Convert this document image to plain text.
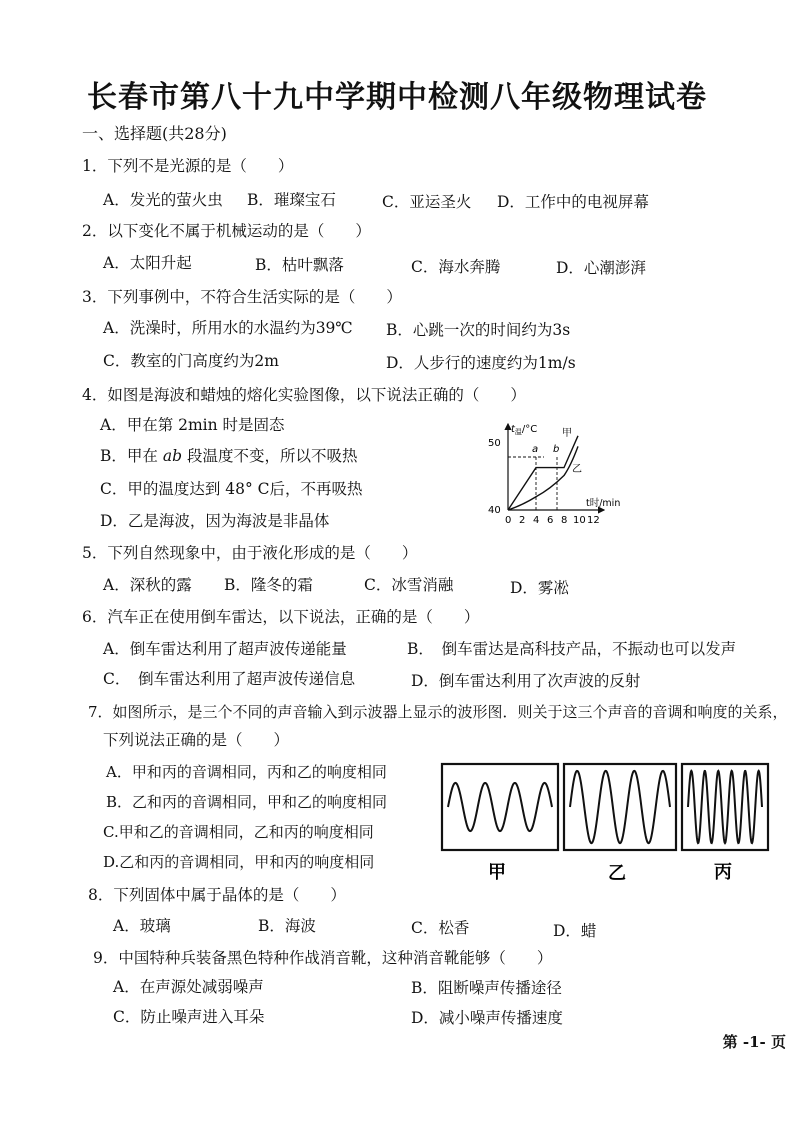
长春市第八十九中学期中检测八年级物理试卷
一、选择题(共28分)
1．下列不是光源的是（　　）
A．发光的萤火虫 B．璀璨宝石	C．亚运圣火 D．工作中的电视屏幕
2．以下变化不属于机械运动的是（　　）
A．太阳升起	B．枯叶飘落	C．海水奔腾	D．心潮澎湃
3．下列事例中，不符合生活实际的是（　　）
A．洗澡时，所用水的水温约为39℃ B．心跳一次的时间约为3s
C．教室的门高度约为2m	D．人步行的速度约为1m/s
4．如图是海波和蜡烛的熔化实验图像，以下说法正确的（　　）
A．甲在第 2min 时是固态
B．甲在 ab 段温度不变，所以不吸热
C．甲的温度达到 48° C后，不再吸热
D．乙是海波，因为海波是非晶体
$t_温/^\circ C$
50
40
t时/min
a b
甲
乙
0 2 4 6 8 10 12
5．下列自然现象中，由于液化形成的是（　　）
A．深秋的露 B．隆冬的霜	C．冰雪消融	D．雾凇
6．汽车正在使用倒车雷达，以下说法，正确的是（　　）
A．倒车雷达利用了超声波传递能量	B．　倒车雷达是高科技产品，不振动也可以发声
C．　倒车雷达利用了超声波传递信息	D．倒车雷达利用了次声波的反射
7．如图所示，是三个不同的声音输入到示波器上显示的波形图．则关于这三个声音的音调和响度的关系，
下列说法正确的是（　　）
A．甲和丙的音调相同，丙和乙的响度相同
B．乙和丙的音调相同，甲和乙的响度相同
C.甲和乙的音调相同，乙和丙的响度相同
D.乙和丙的音调相同，甲和丙的响度相同	甲	乙	丙
8．下列固体中属于晶体的是（　　）
A．玻璃	B．海波	C．松香	D．蜡
9．中国特种兵装备黑色特种作战消音靴，这种消音靴能够（　　）
A．在声源处减弱噪声	B．阻断噪声传播途径
C．防止噪声进入耳朵	D．减小噪声传播速度
第 -1- 页
